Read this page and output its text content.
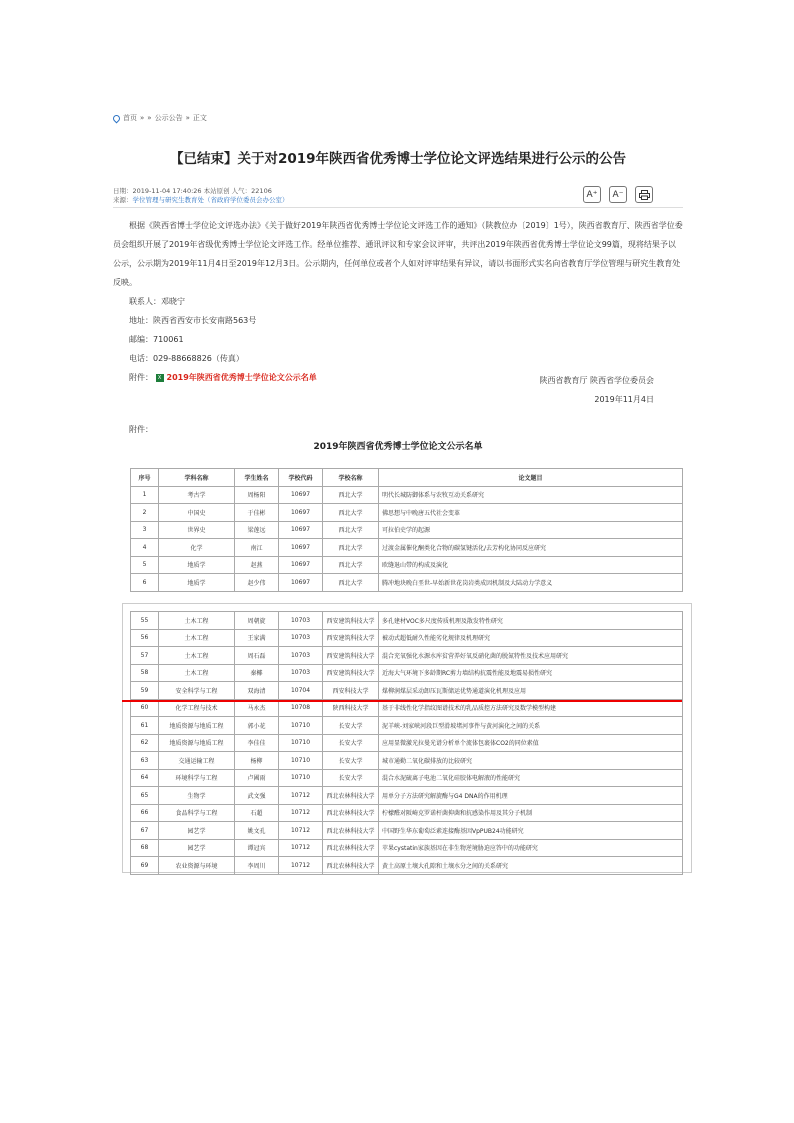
首页 » » 公示公告 » 正文
【已结束】关于对2019年陕西省优秀博士学位论文评选结果进行公示的公告
日期：2019-11-04 17:40:26 本站原创 人气：22106
来源：学位管理与研究生教育处（省政府学位委员会办公室）	A⁺	A⁻

根据《陕西省博士学位论文评选办法》《关于做好2019年陕西省优秀博士学位论文评选工作的通知》（陕教位办〔2019〕1号），陕西省教育厅、陕西省学位委员会组织开展了2019年省级优秀博士学位论文评选工作。经单位推荐、通讯评议和专家会议评审，共评出2019年陕西省优秀博士学位论文99篇，现将结果予以公示，公示期为2019年11月4日至2019年12月3日。公示期内，任何单位或者个人如对评审结果有异议，请以书面形式实名向省教育厅学位管理与研究生教育处反映。

联系人：邓晓宁
地址：陕西省西安市长安南路563号
邮编：710061
电话：029-88668826（传真）
附件： X 2019年陕西省优秀博士学位论文公示名单	陕西省教育厅 陕西省学位委员会
2019年11月4日
附件：
2019年陕西省优秀博士学位论文公示名单
序号	学科名称	学生姓名	学校代码	学校名称	论文题目
1	考古学	周杨阳	10697	西北大学	明代长城防御体系与农牧互动关系研究
2	中国史	于佳彬	10697	西北大学	佛思想与中晚唐五代社会变革
3	世界史	梁莲远	10697	西北大学	可拉伯史学的起源
4	化学	南江	10697	西北大学	过渡金属催化酮类化合物的碳氢键活化/去芳构化协同反应研究
5	地质学	赵燕	10697	西北大学	欧缝退山带的构成及演化
6	地质学	赵少伟	10697	西北大学	腾冲地块晚白垩世-早始新世花岗岩类成因机制及大陆动力学意义
55	土木工程	周朝旋	10703	西安建筑科技大学	多孔建材VOC多尺度传质机理及散发特性研究
56	土木工程	王家满	10703	西安建筑科技大学	被动式超低耐久性能劣化规律及机理研究
57	土木工程	周石磊	10703	西安建筑科技大学	混合充氧强化水源水库贫营养好氧反硝化菌的脱氮特性及技术应用研究
58	土木工程	秦椰	10703	西安建筑科技大学	近海大气环境下多龄期RC剪力墙结构抗震性能及地震易损性研究
59	安全科学与工程	双海清	10704	西安科技大学	煤柳润煤层采动卸压瓦斯储运优势通道演化机理及应用
60	化学工程与技术	马永杰	10708	陕西科技大学	基于非线性化学指纹图谱技术的乳品质控方法研究及数学模型构建
61	地质资源与地质工程	郭小花	10710	长安大学	泥羊峡-刘家峡河段巨型滑坡堵河事件与黄河演化之间的关系
62	地质资源与地质工程	李佳佳	10710	长安大学	应用显微激光拉曼光谱分析单个流体包裹体CO2的同位素值
63	交通运输工程	杨柳	10710	长安大学	城市通勤二氧化碳排放的比较研究
64	环境科学与工程	卢國雨	10710	长安大学	混合水泥硫离子电池二氧化硅胶体电解液的性能研究
65	生物学	武文强	10712	西北农林科技大学	用单分子方法研究解旋酶与G4 DNA的作用机理
66	食品科学与工程	石超	10712	西北农林科技大学	柠檬醛对阪崎克罗诺杆菌抑菌和抗感染作用及其分子机制
67	园艺学	姚文孔	10712	西北农林科技大学	中国野生华东葡萄泛素连接酶基因VpPUB24功能研究
68	园艺学	谭冠宾	10712	西北农林科技大学	苹果cystatin家族基因在非生物逆境胁迫应答中的功能研究
69	农业资源与环境	李周川	10712	西北农林科技大学	黄土高原土壤大孔隙和土壤水分之间的关系研究
